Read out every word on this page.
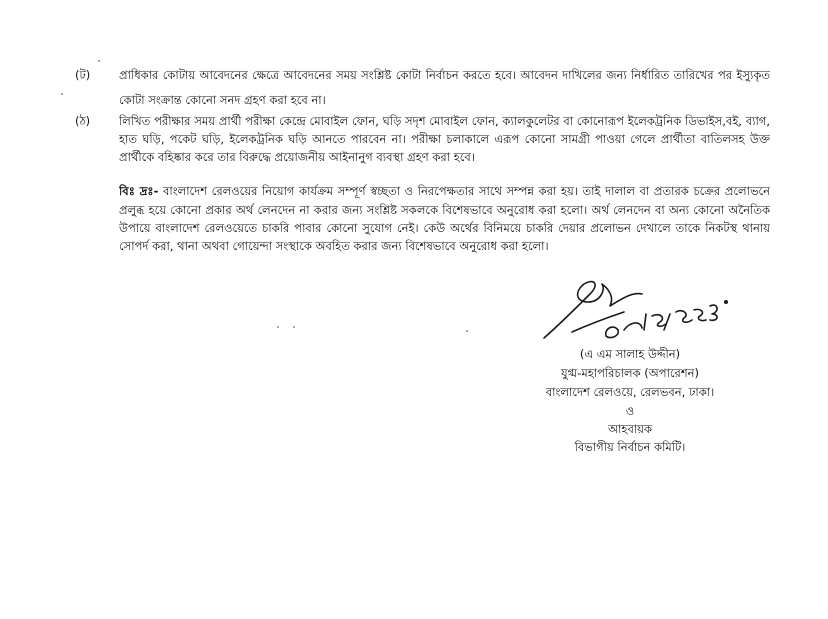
(ট)	প্রাধিকার কোটায় আবেদনের ক্ষেত্রে আবেদনের সময় সংশ্লিষ্ট কোটা নির্বাচন করতে হবে। আবেদন দাখিলের জন্য নির্ধারিত তারিখের পর ইস্যুকৃত
কোটা সংক্রান্ত কোনো সনদ গ্রহণ করা হবে না।
(ঠ)	লিখিত পরীক্ষার সময় প্রার্থী পরীক্ষা কেন্দ্রে মোবাইল ফোন, ঘড়ি সদৃশ মোবাইল ফোন, ক্যালকুলেটর বা কোনোরূপ ইলেকট্রনিক ডিভাইস,বই, ব্যাগ,
হাত ঘড়ি, পকেট ঘড়ি, ইলেকট্রনিক ঘড়ি আনতে পারবেন না। পরীক্ষা চলাকালে এরূপ কোনো সামগ্রী পাওয়া গেলে প্রার্থীতা বাতিলসহ উক্ত
প্রার্থীকে বহিষ্কার করে তার বিরুদ্ধে প্রয়োজনীয় আইনানুগ ব্যবস্থা গ্রহণ করা হবে।
বিঃ দ্রঃ- বাংলাদেশ রেলওয়ের নিয়োগ কার্যক্রম সম্পূর্ণ স্বচ্ছতা ও নিরপেক্ষতার সাথে সম্পন্ন করা হয়। তাই দালাল বা প্রতারক চক্রের প্রলোভনে
প্রলুব্ধ হয়ে কোনো প্রকার অর্থ লেনদেন না করার জন্য সংশ্লিষ্ট সকলকে বিশেষভাবে অনুরোধ করা হলো। অর্থ লেনদেন বা অন্য কোনো অনৈতিক
উপায়ে বাংলাদেশ রেলওয়েতে চাকরি পাবার কোনো সুযোগ নেই। কেউ অর্থের বিনিময়ে চাকরি দেয়ার প্রলোভন দেখালে তাকে নিকটস্থ থানায়
সোপর্দ করা, থানা অথবা গোয়েন্দা সংস্থাকে অবহিত করার জন্য বিশেষভাবে অনুরোধ করা হলো।
(এ এম সালাহ উদ্দীন)
যুগ্ম-মহাপরিচালক (অপারেশন)
বাংলাদেশ রেলওয়ে, রেলভবন, ঢাকা।
ও
আহবায়ক
বিভাগীয় নির্বাচন কমিটি।
